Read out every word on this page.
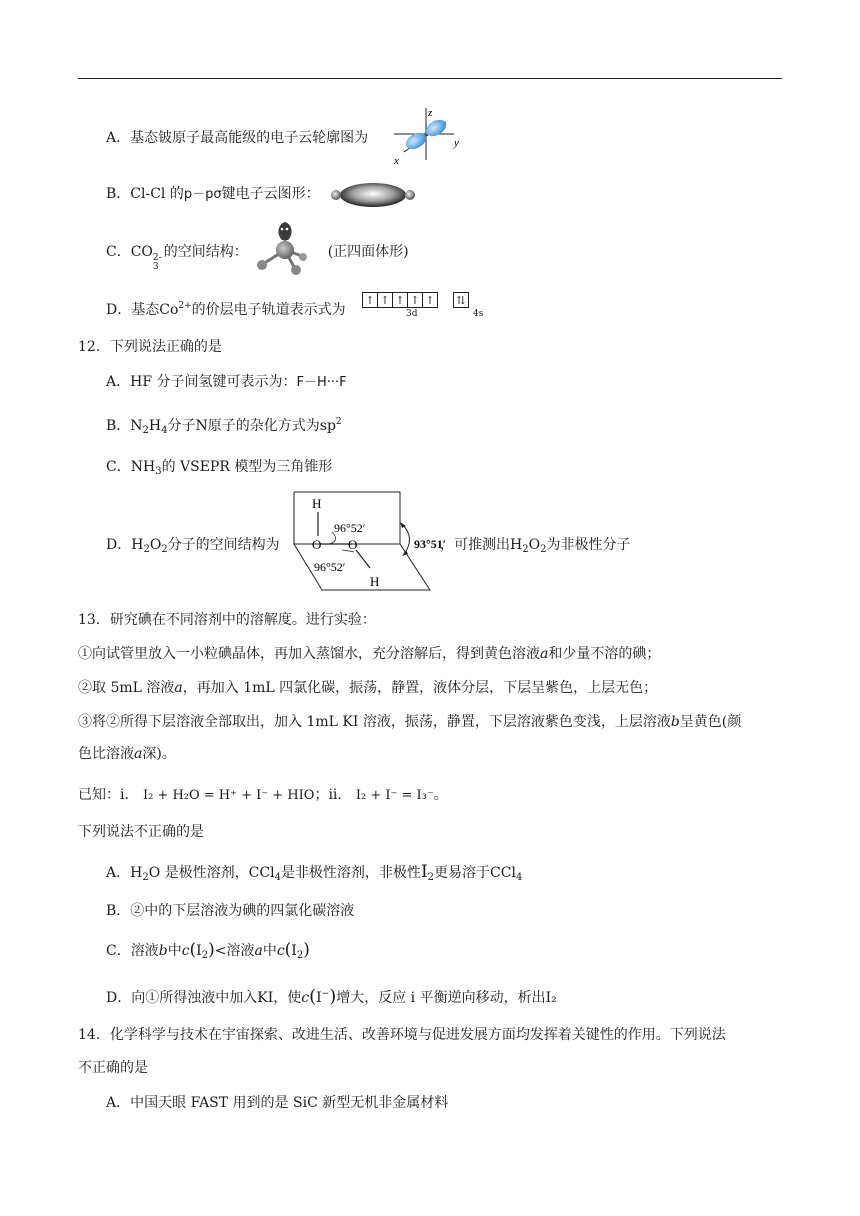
A．基态铍原子最高能级的电子云轮廓图为
z
y
x
B．Cl-Cl 的p－pσ键电子云图形：
C．CO 2-
3
的空间结构：	(正四面体形)
D．基态$Co^{2+}$的价层电子轨道表示式为
↑ ↑ ↑ ↑ ↑	⇅
3d	4s
12．下列说法正确的是
A．HF 分子间氢键可表示为：F－H···F
B．$N_2H_4$分子N原子的杂化方式为$sp^2$
C．$NH_3$的 VSEPR 模型为三角锥形
D．$H_2O_2$分子的空间结构为	，可推测出$H_2O_2$为非极性分子
H
O O
H
96°52′
96°52′
93°51′
13．研究碘在不同溶剂中的溶解度。进行实验：
①向试管里放入一小粒碘晶体，再加入蒸馏水，充分溶解后，得到黄色溶液a和少量不溶的碘；
②取 5mL 溶液a，再加入 1mL 四氯化碳，振荡，静置，液体分层，下层呈紫色，上层无色；
③将②所得下层溶液全部取出，加入 1mL KI 溶液，振荡，静置，下层溶液紫色变浅，上层溶液b呈黄色(颜
色比溶液a深)。
已知：i． I₂ + H₂O = H⁺ + I⁻ + HIO；ii． I₂ + I⁻ = I₃⁻。
下列说法不正确的是
A．$H_2O$ 是极性溶剂，CCl$_4$是非极性溶剂，非极性$I_2$更易溶于CCl$_4$
B．②中的下层溶液为碘的四氯化碳溶液
C．溶液b中$c(I_2)<$溶液a中$c(I_2)$
D．向①所得浊液中加入KI，使c(I−)增大，反应 i 平衡逆向移动，析出I₂
14．化学科学与技术在宇宙探索、改进生活、改善环境与促进发展方面均发挥着关键性的作用。下列说法
不正确的是
A．中国天眼 FAST 用到的是 SiC 新型无机非金属材料
